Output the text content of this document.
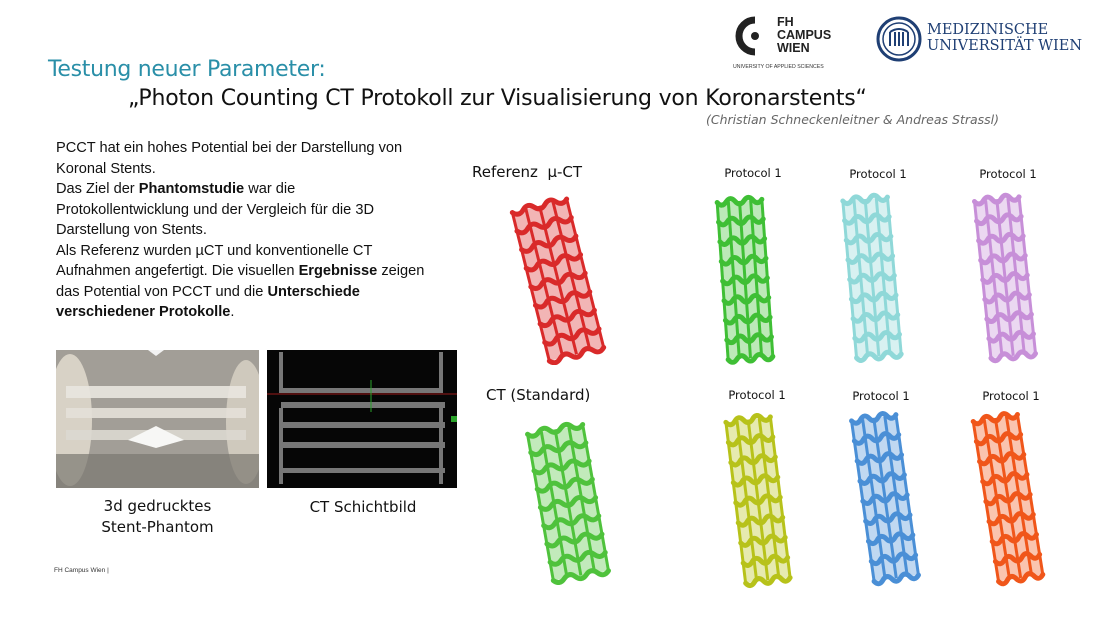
FH
CAMPUS
WIEN
UNIVERSITY OF APPLIED SCIENCES
MEDIZINISCHE
UNIVERSITÄT WIEN
Testung neuer Parameter:
„Photon Counting CT Protokoll zur Visualisierung von Koronarstents“
(Christian Schneckenleitner & Andreas Strassl)
PCCT hat ein hohes Potential bei der Darstellung von
Koronal Stents.
Das Ziel der Phantomstudie war die
Protokollentwicklung und der Vergleich für die 3D
Darstellung von Stents.
Als Referenz wurden µCT und konventionelle CT
Aufnahmen angefertigt. Die visuellen Ergebnisse zeigen
das Potential von PCCT und die Unterschiede
verschiedener Protokolle.
3d gedrucktes
Stent-Phantom
CT Schichtbild
Referenz  µ-CT
CT (Standard)
Protocol 1	Protocol 1	Protocol 1
Protocol 1	Protocol 1	Protocol 1
FH Campus Wien |
